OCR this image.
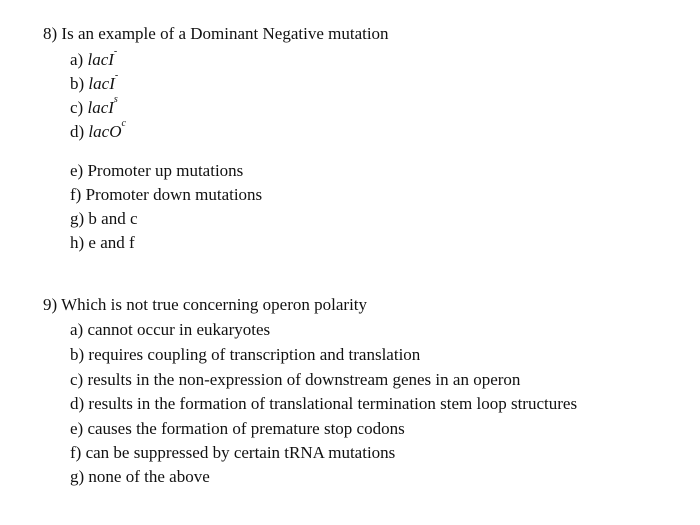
8) Is an example of a Dominant Negative mutation
a) lacI-
b) lacI-
c) lacI$^s$
d) lacO$^c$
e) Promoter up mutations
f) Promoter down mutations
g) b and c
h) e and f
9) Which is not true concerning operon polarity
a) cannot occur in eukaryotes
b) requires coupling of transcription and translation
c) results in the non-expression of downstream genes in an operon
d) results in the formation of translational termination stem loop structures
e) causes the formation of premature stop codons
f) can be suppressed by certain tRNA mutations
g) none of the above
